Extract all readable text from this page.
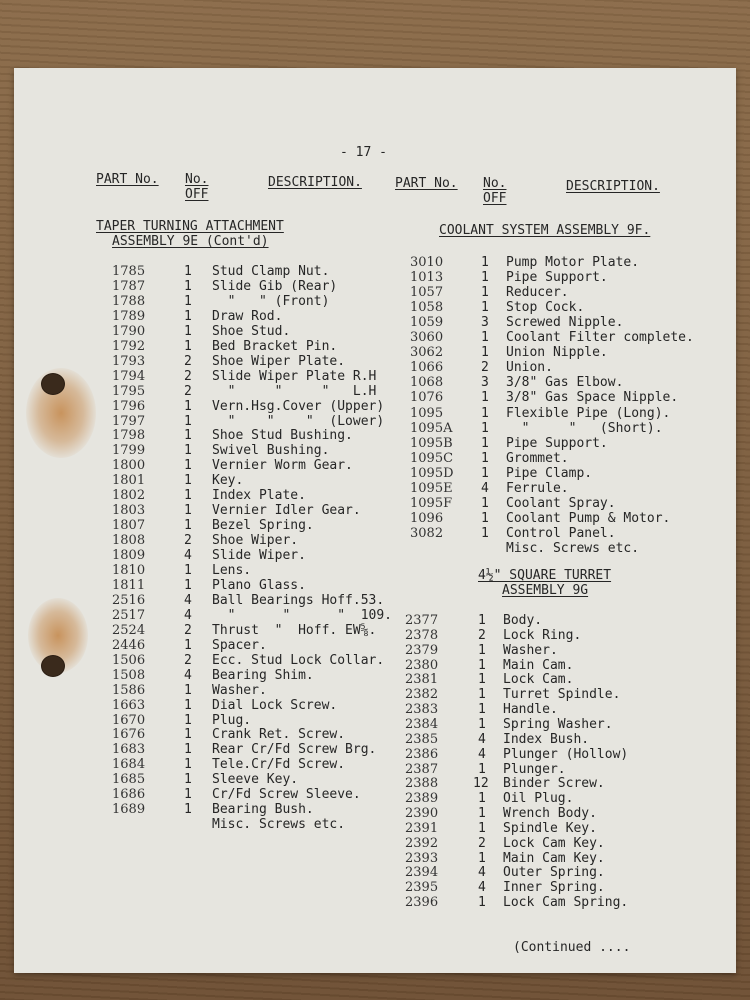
- 17 -
PART No. No.
OFF
DESCRIPTION.	PART No. No.
OFF
DESCRIPTION.
TAPER TURNING ATTACHMENT
ASSEMBLY 9E (Cont'd)
1785	1 Stud Clamp Nut.
1787	1 Slide Gib (Rear)
1788	1 "   " (Front)
1789	1 Draw Rod.
1790	1 Shoe Stud.
1792	1 Bed Bracket Pin.
1793	2 Shoe Wiper Plate.
1794	2 Slide Wiper Plate R.H
1795	2 "     "     "   L.H
1796	1 Vern.Hsg.Cover (Upper)
1797	1 "    "    "  (Lower)
1798	1 Shoe Stud Bushing.
1799	1 Swivel Bushing.
1800	1 Vernier Worm Gear.
1801	1 Key.
1802	1 Index Plate.
1803	1 Vernier Idler Gear.
1807	1 Bezel Spring.
1808	2 Shoe Wiper.
1809	4 Slide Wiper.
1810	1 Lens.
1811	1 Plano Glass.
2516	4 Ball Bearings Hoff.53.
2517	4 "      "      "  109.
2524	2 Thrust  "  Hoff. EW⅝.
2446	1 Spacer.
1506	2 Ecc. Stud Lock Collar.
1508	4 Bearing Shim.
1586	1 Washer.
1663	1 Dial Lock Screw.
1670	1 Plug.
1676	1 Crank Ret. Screw.
1683	1 Rear Cr/Fd Screw Brg.
1684	1 Tele.Cr/Fd Screw.
1685	1 Sleeve Key.
1686	1 Cr/Fd Screw Sleeve.
1689	1 Bearing Bush.
Misc. Screws etc.
COOLANT SYSTEM ASSEMBLY 9F.
3010	1 Pump Motor Plate.
1013	1 Pipe Support.
1057	1 Reducer.
1058	1 Stop Cock.
1059	3 Screwed Nipple.
3060	1 Coolant Filter complete.
3062	1 Union Nipple.
1066	2 Union.
1068	3 3/8" Gas Elbow.
1076	1 3/8" Gas Space Nipple.
1095	1 Flexible Pipe (Long).
1095A 1 "     "   (Short).
1095B 1 Pipe Support.
1095C 1 Grommet.
1095D 1 Pipe Clamp.
1095E 4 Ferrule.
1095F 1 Coolant Spray.
1096	1 Coolant Pump & Motor.
3082	1 Control Panel.
Misc. Screws etc.
4½" SQUARE TURRET
ASSEMBLY 9G
2377	1 Body.
2378	2 Lock Ring.
2379	1 Washer.
2380	1 Main Cam.
2381	1 Lock Cam.
2382	1 Turret Spindle.
2383	1 Handle.
2384	1 Spring Washer.
2385	4 Index Bush.
2386	4 Plunger (Hollow)
2387	1 Plunger.
2388	12 Binder Screw.
2389	1 Oil Plug.
2390	1 Wrench Body.
2391	1 Spindle Key.
2392	2 Lock Cam Key.
2393	1 Main Cam Key.
2394	4 Outer Spring.
2395	4 Inner Spring.
2396	1 Lock Cam Spring.
(Continued ....
